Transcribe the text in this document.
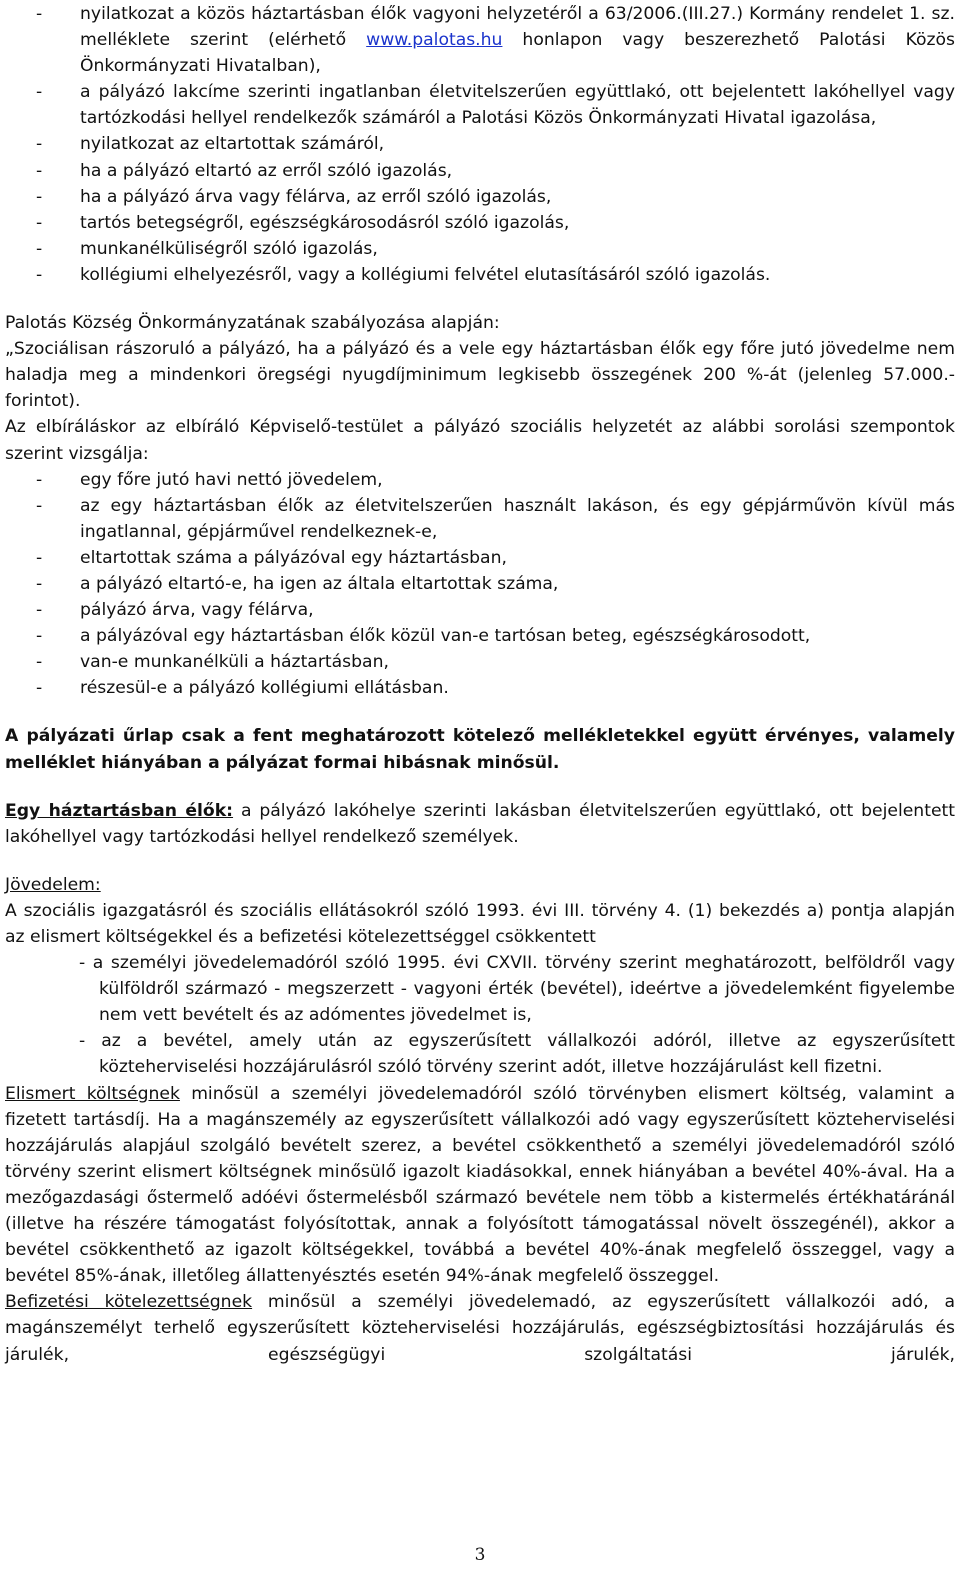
- nyilatkozat a közös háztartásban élők vagyoni helyzetéről a 63/2006.(III.27.) Kormány rendelet 1. sz. melléklete szerint (elérhető www.palotas.hu honlapon vagy beszerezhető Palotási Közös Önkormányzati Hivatalban),
- a pályázó lakcíme szerinti ingatlanban életvitelszerűen együttlakó, ott bejelentett lakóhellyel vagy tartózkodási hellyel rendelkezők számáról a Palotási Közös Önkormányzati Hivatal igazolása,
- nyilatkozat az eltartottak számáról,
- ha a pályázó eltartó az erről szóló igazolás,
- ha a pályázó árva vagy félárva, az erről szóló igazolás,
- tartós betegségről, egészségkárosodásról szóló igazolás,
- munkanélküliségről szóló igazolás,
- kollégiumi elhelyezésről, vagy a kollégiumi felvétel elutasításáról szóló igazolás.

Palotás Község Önkormányzatának szabályozása alapján:

„Szociálisan rászoruló a pályázó, ha a pályázó és a vele egy háztartásban élők egy főre jutó jövedelme nem haladja meg a mindenkori öregségi nyugdíjminimum legkisebb összegének 200 %-át (jelenleg 57.000.- forintot).

Az elbíráláskor az elbíráló Képviselő-testület a pályázó szociális helyzetét az alábbi sorolási szempontok szerint vizsgálja:

- egy főre jutó havi nettó jövedelem,
- az egy háztartásban élők az életvitelszerűen használt lakáson, és egy gépjárművön kívül más ingatlannal, gépjárművel rendelkeznek-e,
- eltartottak száma a pályázóval egy háztartásban,
- a pályázó eltartó-e, ha igen az általa eltartottak száma,
- pályázó árva, vagy félárva,
- a pályázóval egy háztartásban élők közül van-e tartósan beteg, egészségkárosodott,
- van-e munkanélküli a háztartásban,
- részesül-e a pályázó kollégiumi ellátásban.

A pályázati űrlap csak a fent meghatározott kötelező mellékletekkel együtt érvényes, valamely melléklet hiányában a pályázat formai hibásnak minősül.

Egy háztartásban élők: a pályázó lakóhelye szerinti lakásban életvitelszerűen együttlakó, ott bejelentett lakóhellyel vagy tartózkodási hellyel rendelkező személyek.

Jövedelem:

A szociális igazgatásról és szociális ellátásokról szóló 1993. évi III. törvény 4. (1) bekezdés a) pontja alapján az elismert költségekkel és a befizetési kötelezettséggel csökkentett

- a személyi jövedelemadóról szóló 1995. évi CXVII. törvény szerint meghatározott, belföldről vagy külföldről származó - megszerzett - vagyoni érték (bevétel), ideértve a jövedelemként figyelembe nem vett bevételt és az adómentes jövedelmet is,

- az a bevétel, amely után az egyszerűsített vállalkozói adóról, illetve az egyszerűsített közteherviselési hozzájárulásról szóló törvény szerint adót, illetve hozzájárulást kell fizetni.

Elismert költségnek minősül a személyi jövedelemadóról szóló törvényben elismert költség, valamint a fizetett tartásdíj. Ha a magánszemély az egyszerűsített vállalkozói adó vagy egyszerűsített közteherviselési hozzájárulás alapjául szolgáló bevételt szerez, a bevétel csökkenthető a személyi jövedelemadóról szóló törvény szerint elismert költségnek minősülő igazolt kiadásokkal, ennek hiányában a bevétel 40%-ával. Ha a mezőgazdasági őstermelő adóévi őstermelésből származó bevétele nem több a kistermelés értékhatáránál (illetve ha részére támogatást folyósítottak, annak a folyósított támogatással növelt összegénél), akkor a bevétel csökkenthető az igazolt költségekkel, továbbá a bevétel 40%-ának megfelelő összeggel, vagy a bevétel 85%-ának, illetőleg állattenyésztés esetén 94%-ának megfelelő összeggel.

Befizetési kötelezettségnek minősül a személyi jövedelemadó, az egyszerűsített vállalkozói adó, a magánszemélyt terhelő egyszerűsített közteherviselési hozzájárulás, egészségbiztosítási hozzájárulás és járulék, egészségügyi szolgáltatási járulék,

3
